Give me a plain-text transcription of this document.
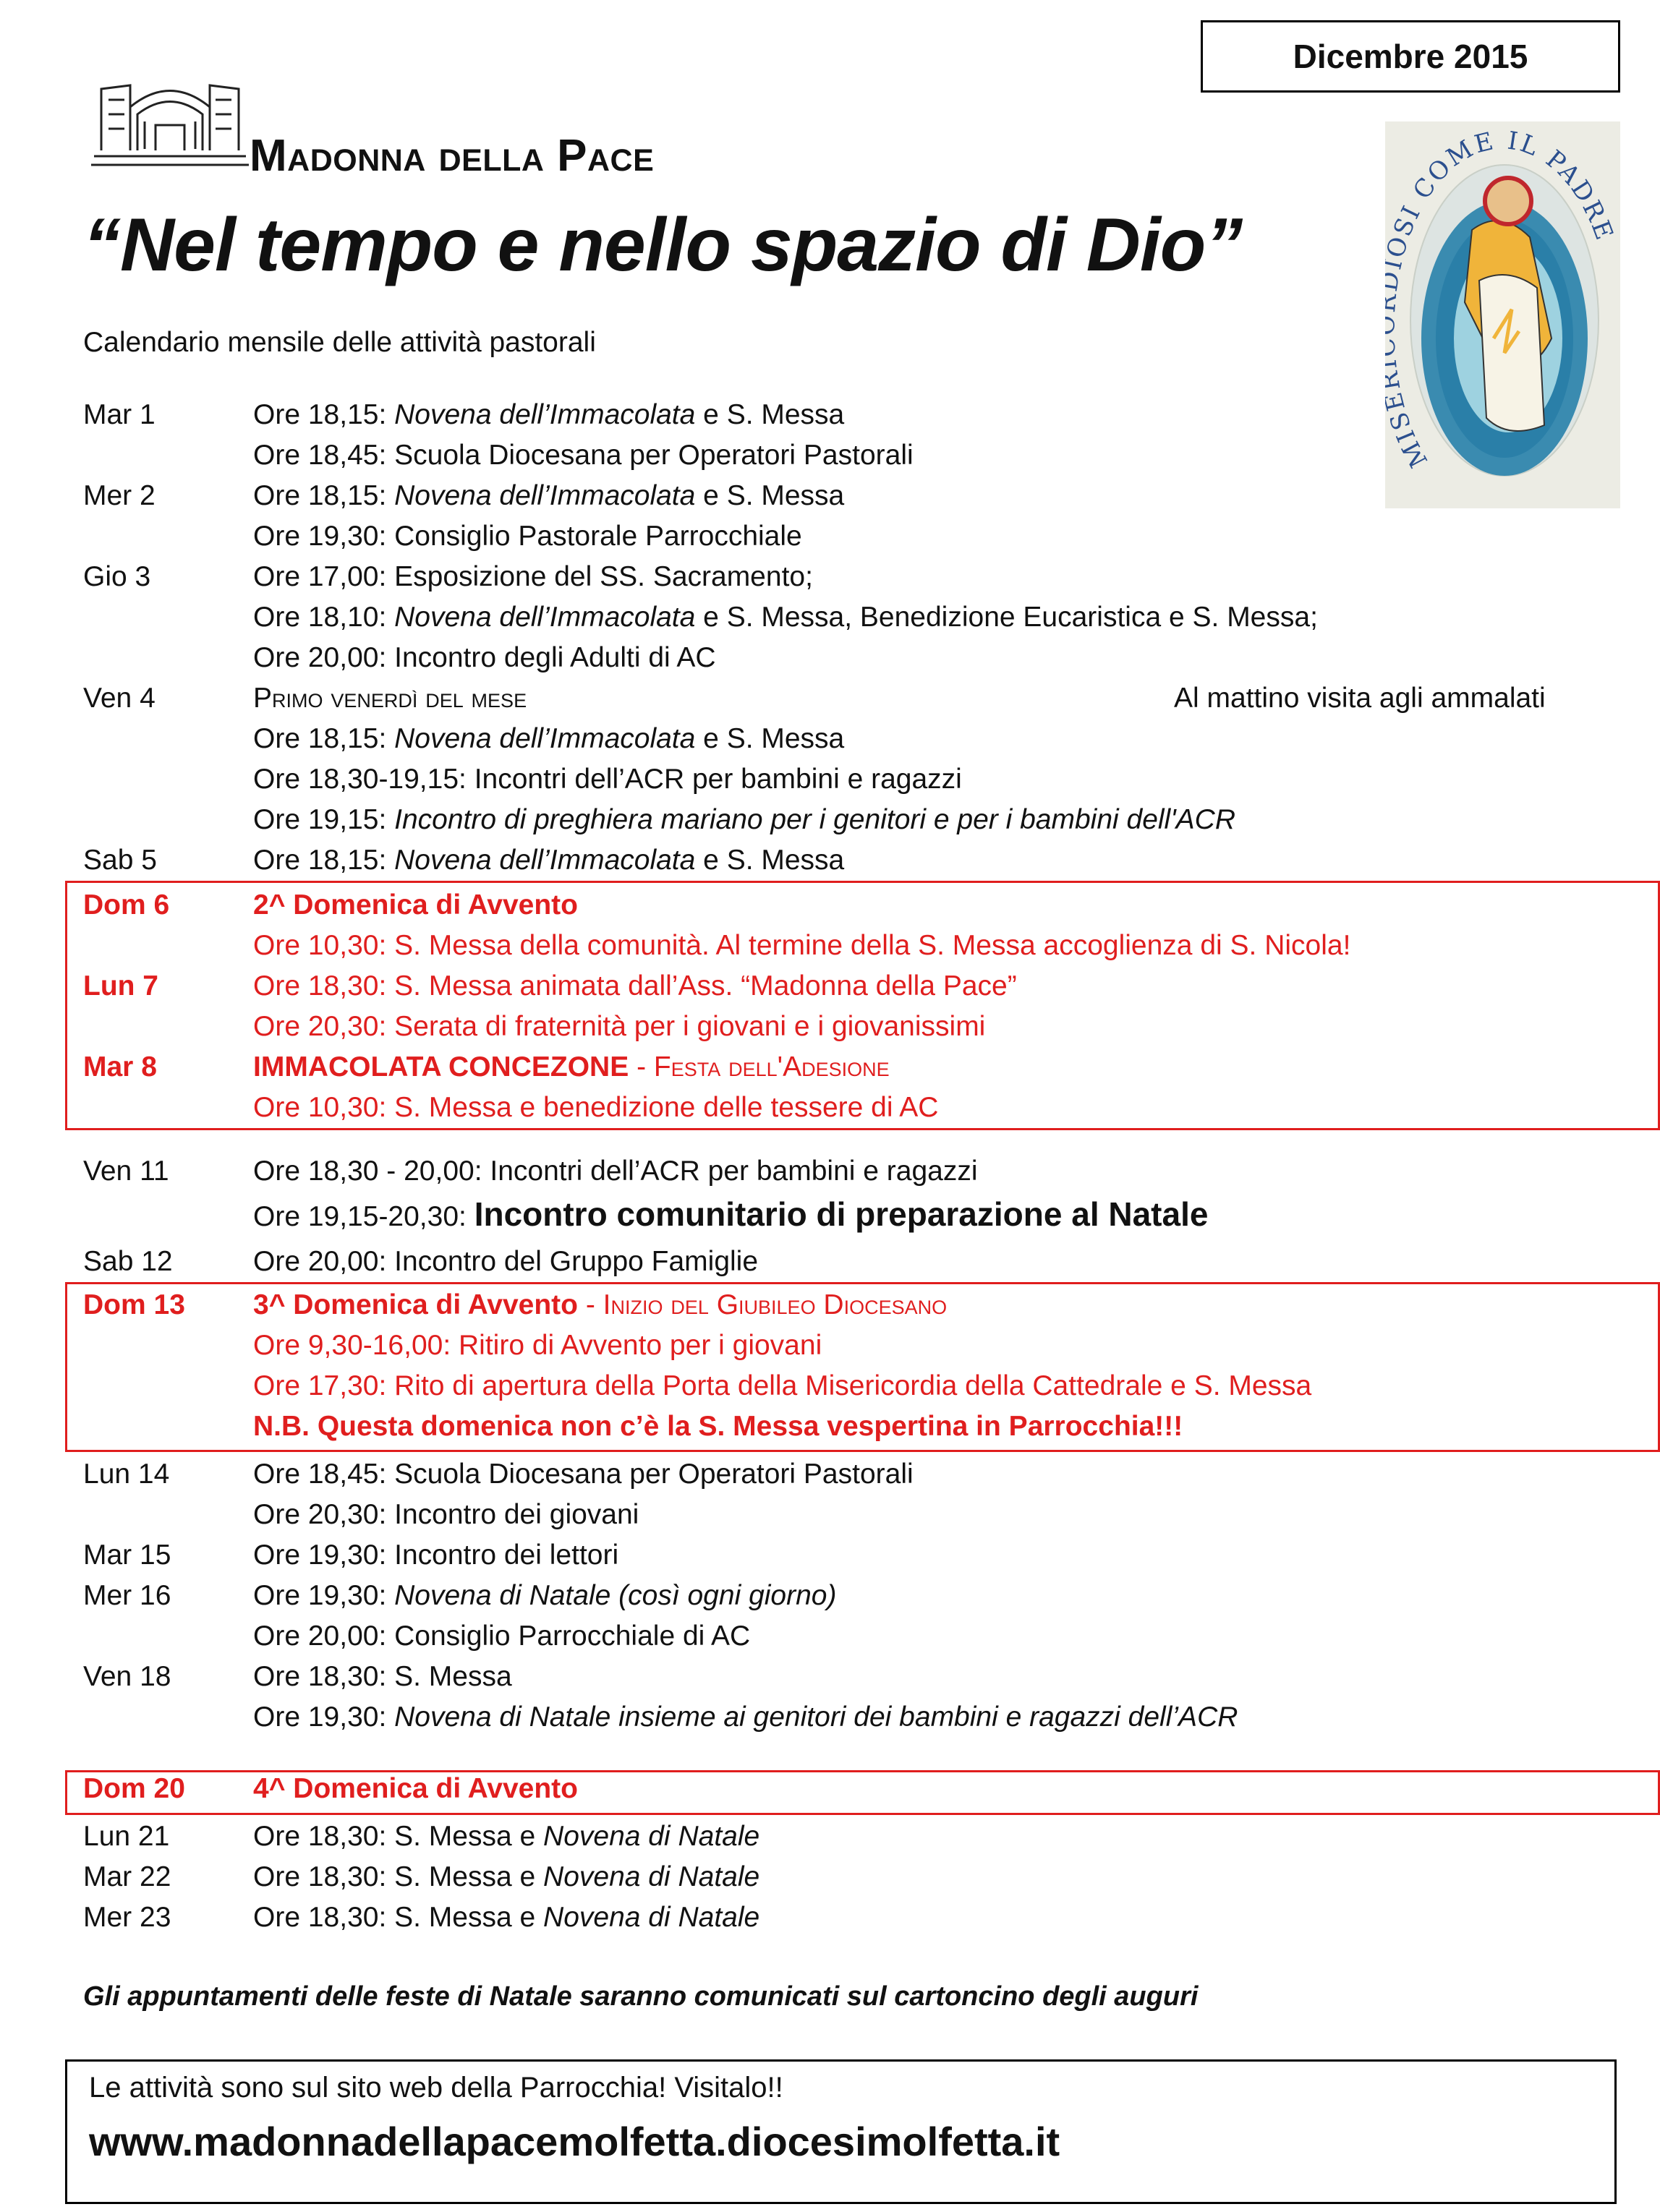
Dicembre 2015
Madonna della Pace
“Nel tempo e nello spazio di Dio”
Calendario mensile delle attività pastorali
MIS SI COME IL PADRE
Mar 1	Ore 18,15: Novena dell’Immacolata e S. Messa
Ore 18,45: Scuola Diocesana per Operatori Pastorali
Mer 2	Ore 18,15: Novena dell’Immacolata e S. Messa
Ore 19,30: Consiglio Pastorale Parrocchiale
Gio 3	Ore 17,00: Esposizione del SS. Sacramento;
Ore 18,10: Novena dell’Immacolata e S. Messa, Benedizione Eucaristica e S. Messa;
Ore 20,00: Incontro degli Adulti di AC
Ven 4	Primo venerdì del mese	Al mattino visita agli ammalati
Ore 18,15: Novena dell’Immacolata e S. Messa
Ore 18,30-19,15: Incontri dell’ACR per bambini e ragazzi
Ore 19,15: Incontro di preghiera mariano per i genitori e per i bambini dell'ACR
Sab 5	Ore 18,15: Novena dell’Immacolata e S. Messa
Dom 6	2^ Domenica di Avvento
Ore 10,30: S. Messa della comunità. Al termine della S. Messa accoglienza di S. Nicola!
Lun 7	Ore 18,30: S. Messa animata dall’Ass. “Madonna della Pace”
Ore 20,30: Serata di fraternità per i giovani e i giovanissimi
Mar 8	IMMACOLATA CONCEZONE - Festa dell'Adesione
Ore 10,30: S. Messa e benedizione delle tessere di AC
Ven 11	Ore 18,30 - 20,00: Incontri dell’ACR per bambini e ragazzi
Ore 19,15-20,30: Incontro comunitario di preparazione al Natale
Sab 12	Ore 20,00: Incontro del Gruppo Famiglie
Dom 13	3^ Domenica di Avvento - Inizio del Giubileo Diocesano
Ore 9,30-16,00: Ritiro di Avvento per i giovani
Ore 17,30: Rito di apertura della Porta della Misericordia della Cattedrale e S. Messa
N.B. Questa domenica non c’è la S. Messa vespertina in Parrocchia!!!
Lun 14	Ore 18,45: Scuola Diocesana per Operatori Pastorali
Ore 20,30: Incontro dei giovani
Mar 15	Ore 19,30: Incontro dei lettori
Mer 16	Ore 19,30: Novena di Natale (così ogni giorno)
Ore 20,00: Consiglio Parrocchiale di AC
Ven 18	Ore 18,30: S. Messa
Ore 19,30: Novena di Natale insieme ai genitori dei bambini e ragazzi dell’ACR
Dom 20	4^ Domenica di Avvento
Lun 21	Ore 18,30: S. Messa e Novena di Natale
Mar 22	Ore 18,30: S. Messa e Novena di Natale
Mer 23	Ore 18,30: S. Messa e Novena di Natale
Gli appuntamenti delle feste di Natale saranno comunicati sul cartoncino degli auguri
Le attività sono sul sito web della Parrocchia! Visitalo!!
www.madonnadellapacemolfetta.diocesimolfetta.it
